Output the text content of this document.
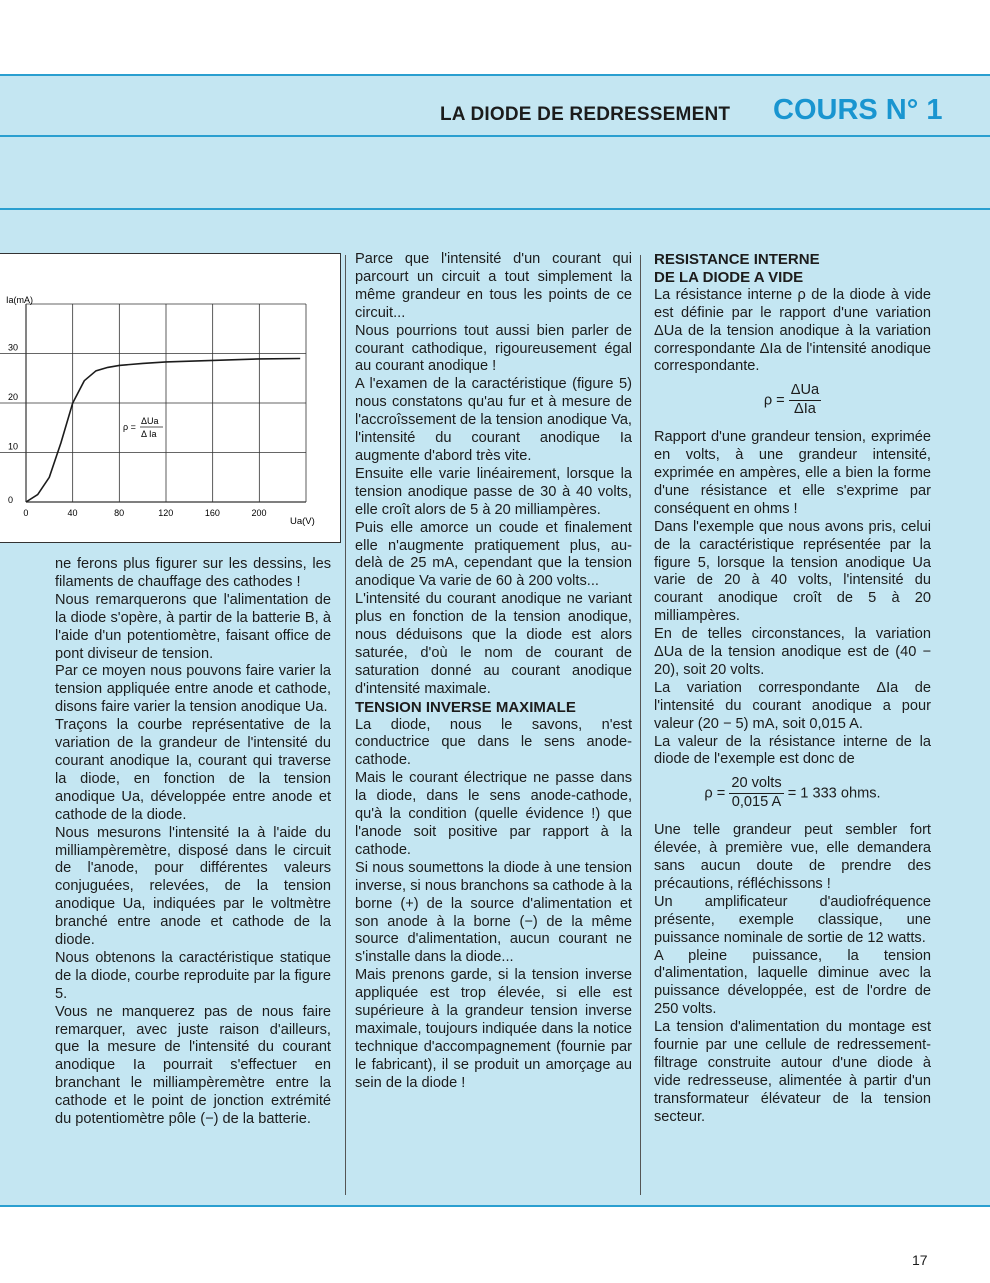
LA DIODE DE REDRESSEMENT COURS N° 1
0	40	80	120	160	200
0
10
20
30
Ia(mA)
Ua(V)
ρ =
ΔUa
Δ Ia

ne ferons plus figurer sur les dessins, les filaments de chauffage des cathodes !

Nous remarquerons que l'alimentation de la diode s'opère, à partir de la batterie B, à l'aide d'un potentiomètre, faisant office de pont diviseur de tension.

Par ce moyen nous pouvons faire varier la tension appliquée entre anode et cathode, disons faire varier la tension anodique Ua.

Traçons la courbe représentative de la variation de la grandeur de l'intensité du courant anodique Ia, courant qui traverse la diode, en fonction de la tension anodique Ua, développée entre anode et cathode de la diode.

Nous mesurons l'intensité Ia à l'aide du milliampèremètre, disposé dans le circuit de l'anode, pour différentes valeurs conjuguées, relevées, de la tension anodique Ua, indiquées par le voltmètre branché entre anode et cathode de la diode.

Nous obtenons la caractéristique statique de la diode, courbe reproduite par la figure 5.

Vous ne manquerez pas de nous faire remarquer, avec juste raison d'ailleurs, que la mesure de l'intensité du courant anodique Ia pourrait s'effectuer en branchant le milliampèremètre entre la cathode et le point de jonction extrémité du potentiomètre pôle (−) de la batterie.

Parce que l'intensité d'un courant qui parcourt un circuit a tout simplement la même grandeur en tous les points de ce circuit...

Nous pourrions tout aussi bien parler de courant cathodique, rigoureusement égal au courant anodique !

A l'examen de la caractéristique (figure 5) nous constatons qu'au fur et à mesure de l'accroîssement de la tension anodique Va, l'intensité du courant anodique Ia augmente d'abord très vite.

Ensuite elle varie linéairement, lorsque la tension anodique passe de 30 à 40 volts, elle croît alors de 5 à 20 milliampères.

Puis elle amorce un coude et finalement elle n'augmente pratiquement plus, au-delà de 25 mA, cependant que la tension anodique Va varie de 60 à 200 volts...

L'intensité du courant anodique ne variant plus en fonction de la tension anodique, nous déduisons que la diode est alors saturée, d'où le nom de courant de saturation donné au courant anodique d'intensité maximale.

TENSION INVERSE MAXIMALE

La diode, nous le savons, n'est conductrice que dans le sens anode-cathode.

Mais le courant électrique ne passe dans la diode, dans le sens anode-cathode, qu'à la condition (quelle évidence !) que l'anode soit positive par rapport à la cathode.

Si nous soumettons la diode à une tension inverse, si nous branchons sa cathode à la borne (+) de la source d'alimentation et son anode à la borne (−) de la même source d'alimentation, aucun courant ne s'installe dans la diode...

Mais prenons garde, si la tension inverse appliquée est trop élevée, si elle est supérieure à la grandeur tension inverse maximale, toujours indiquée dans la notice technique d'accompagnement (fournie par le fabricant), il se produit un amorçage au sein de la diode !

RESISTANCE INTERNE
DE LA DIODE A VIDE

La résistance interne ρ de la diode à vide est définie par le rapport d'une variation ΔUa de la tension anodique à la variation correspondante ΔIa de l'intensité anodique correspondante.

$\rho = \frac{\text{ΔUa}}{\text{ΔIa}}$

Rapport d'une grandeur tension, exprimée en volts, à une grandeur intensité, exprimée en ampères, elle a bien la forme d'une résistance et elle s'exprime par conséquent en ohms !

Dans l'exemple que nous avons pris, celui de la caractéristique représentée par la figure 5, lorsque la tension anodique Ua varie de 20 à 40 volts, l'intensité du courant anodique croît de 5 à 20 milliampères.

En de telles circonstances, la variation ΔUa de la tension anodique est de (40 − 20), soit 20 volts.

La variation correspondante ΔIa de l'intensité du courant anodique a pour valeur (20 − 5) mA, soit 0,015 A.

La valeur de la résistance interne de la diode de l'exemple est donc de

$\rho = \frac{\text{20 volts}}{0,015 A} = 1$ 333 ohms.

Une telle grandeur peut sembler fort élevée, à première vue, elle demandera sans aucun doute de prendre des précautions, réfléchissons !

Un amplificateur d'audiofréquence présente, exemple classique, une puissance nominale de sortie de 12 watts.

A pleine puissance, la tension d'alimentation, laquelle diminue avec la puissance développée, est de l'ordre de 250 volts.

La tension d'alimentation du montage est fournie par une cellule de redressement-filtrage construite autour d'une diode à vide redresseuse, alimentée à partir d'un transformateur élévateur de la tension secteur.

17
